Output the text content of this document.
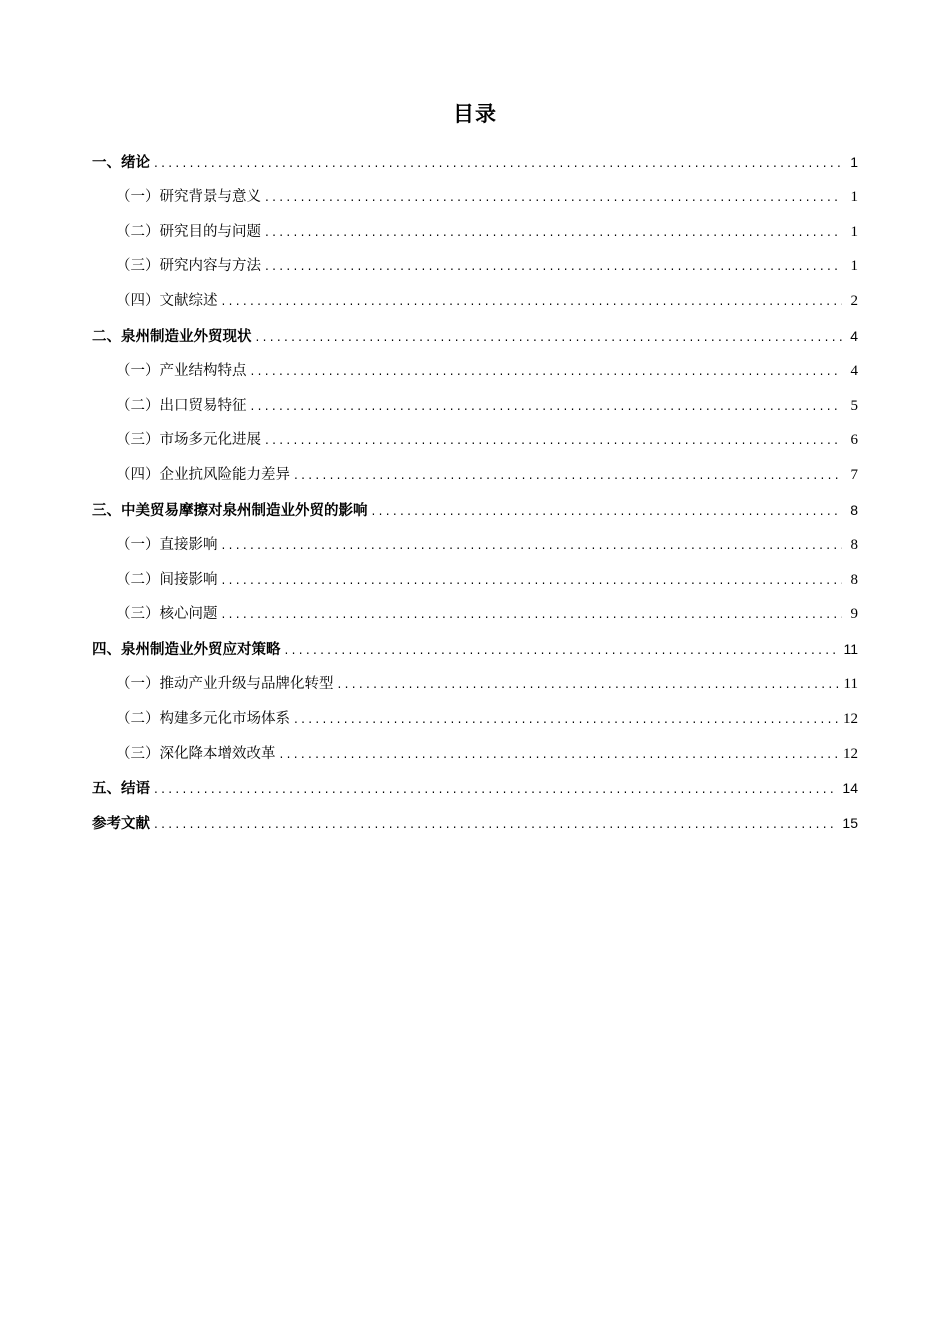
目录
一、绪论 .....	1
（一）研究背景与意义 .....	1
（二）研究目的与问题 .....	1
（三）研究内容与方法 .....	1
（四）文献综述 .....	2
二、泉州制造业外贸现状 .....	4
（一）产业结构特点 .....	4
（二）出口贸易特征 .....	5
（三）市场多元化进展 .....	6
（四）企业抗风险能力差异 .....	7
三、中美贸易摩擦对泉州制造业外贸的影响 .....	8
（一）直接影响 .....	8
（二）间接影响 .....	8
（三）核心问题 .....	9
四、泉州制造业外贸应对策略 .....	11
（一）推动产业升级与品牌化转型 .....	11
（二）构建多元化市场体系 .....	12
（三）深化降本增效改革 .....	12
五、结语 .....	14
参考文献 .....	15
